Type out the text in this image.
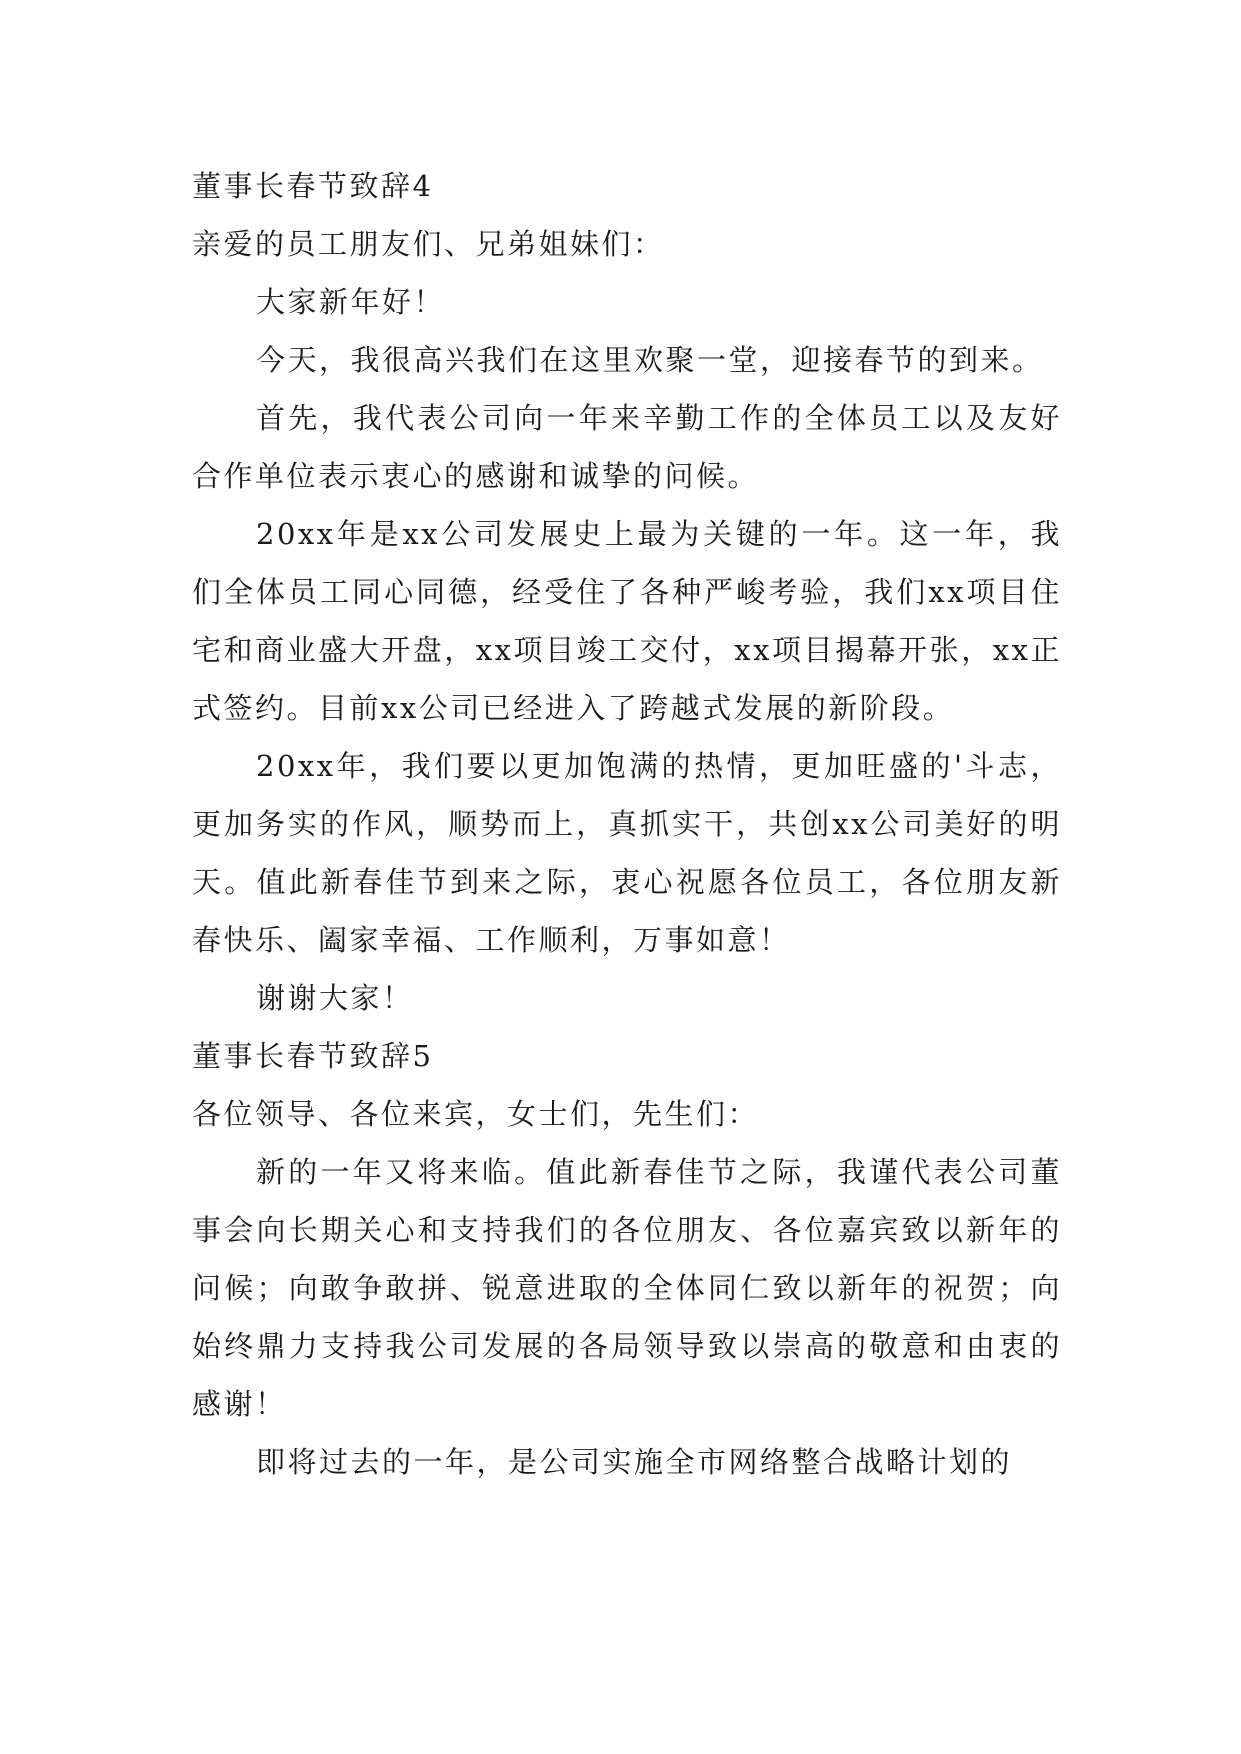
董事长春节致辞4

亲爱的员工朋友们、兄弟姐妹们：

大家新年好！

今天，我很高兴我们在这里欢聚一堂，迎接春节的到来。

首先，我代表公司向一年来辛勤工作的全体员工以及友好合作单位表示衷心的感谢和诚挚的问候。

20xx年是xx公司发展史上最为关键的一年。这一年，我们全体员工同心同德，经受住了各种严峻考验，我们xx项目住宅和商业盛大开盘，xx项目竣工交付，xx项目揭幕开张，xx正式签约。目前xx公司已经进入了跨越式发展的新阶段。

20xx年，我们要以更加饱满的热情，更加旺盛的'斗志，更加务实的作风，顺势而上，真抓实干，共创xx公司美好的明天。值此新春佳节到来之际，衷心祝愿各位员工，各位朋友新春快乐、阖家幸福、工作顺利，万事如意！

谢谢大家！

董事长春节致辞5

各位领导、各位来宾，女士们，先生们：

新的一年又将来临。值此新春佳节之际，我谨代表公司董事会向长期关心和支持我们的各位朋友、各位嘉宾致以新年的问候；向敢争敢拼、锐意进取的全体同仁致以新年的祝贺；向始终鼎力支持我公司发展的各局领导致以崇高的敬意和由衷的感谢！

即将过去的一年，是公司实施全市网络整合战略计划的
